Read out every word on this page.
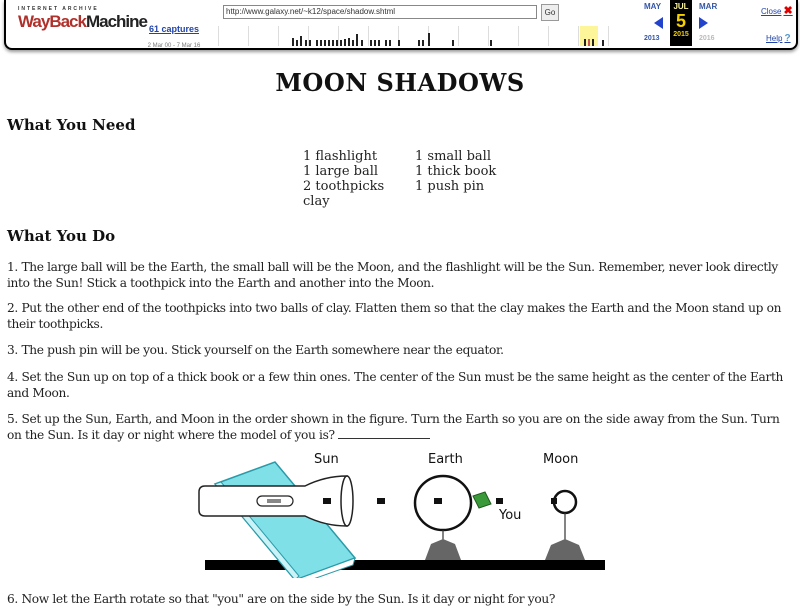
INTERNET ARCHIVE
WayBackMachine 61 captures
2 Mar 00 - 7 Mar 16
http://www.galaxy.net/~k12/space/shadow.shtml	Go
MAY
2013
JUL
5
2015
MAR
2016
Close ✖
Help ?
MOON SHADOWS
What You Need
1 flashlight
1 large ball
2 toothpicks
clay
1 small ball
1 thick book
1 push pin
What You Do
1. The large ball will be the Earth, the small ball will be the Moon, and the flashlight will be the Sun. Remember, never look directly into the Sun! Stick a toothpick into the Earth and another into the Moon.
2. Put the other end of the toothpicks into two balls of clay. Flatten them so that the clay makes the Earth and the Moon stand up on their toothpicks.
3. The push pin will be you. Stick yourself on the Earth somewhere near the equator.
4. Set the Sun up on top of a thick book or a few thin ones. The center of the Sun must be the same height as the center of the Earth and Moon.
5. Set up the Sun, Earth, and Moon in the order shown in the figure. Turn the Earth so you are on the side away from the Sun. Turn on the Sun. Is it day or night where the model of you is?
Sun	Earth	Moon
You
6. Now let the Earth rotate so that "you" are on the side by the Sun. Is it day or night for you?
